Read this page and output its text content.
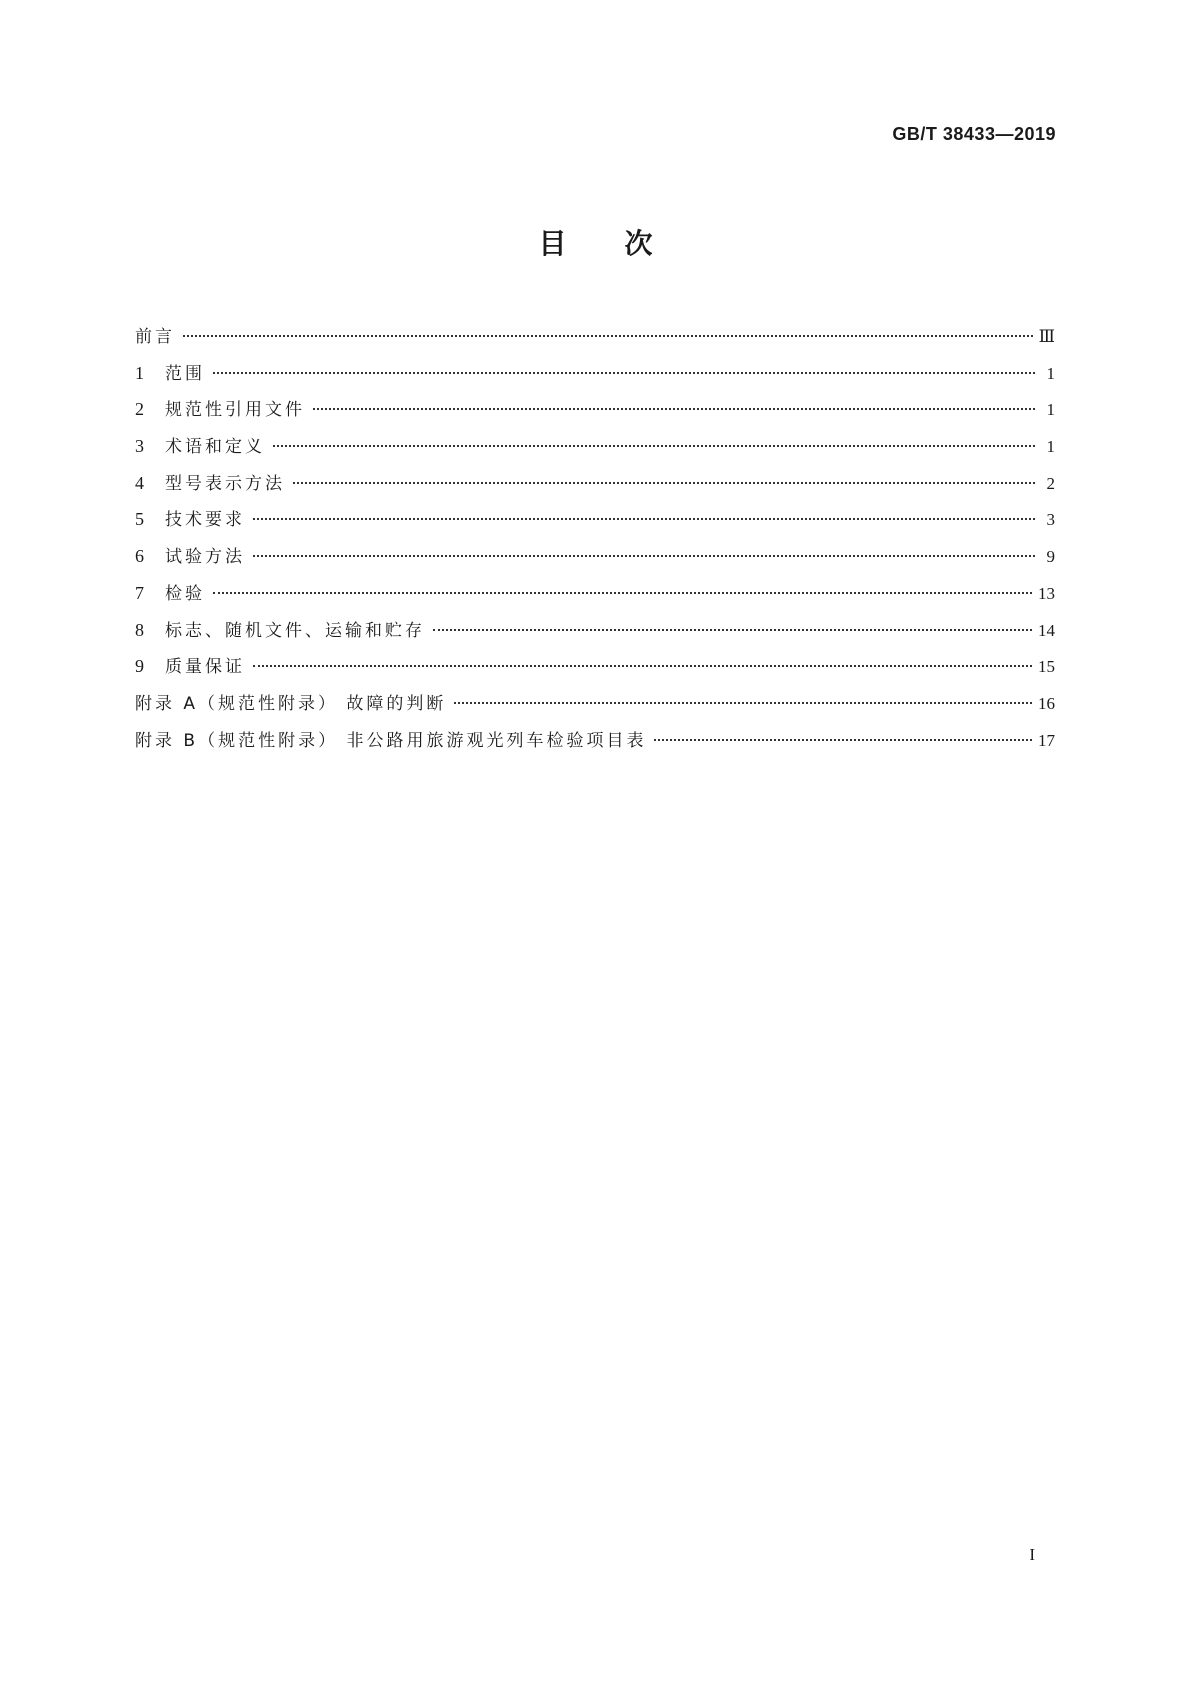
GB/T 38433—2019
目次
前言	Ⅲ
1	范围	1
2	规范性引用文件	1
3	术语和定义	1
4	型号表示方法	2
5	技术要求	3
6	试验方法	9
7	检验	13
8	标志、随机文件、运输和贮存	14
9	质量保证	15
附录 A（规范性附录） 故障的判断	16
附录 B（规范性附录） 非公路用旅游观光列车检验项目表	17
I
